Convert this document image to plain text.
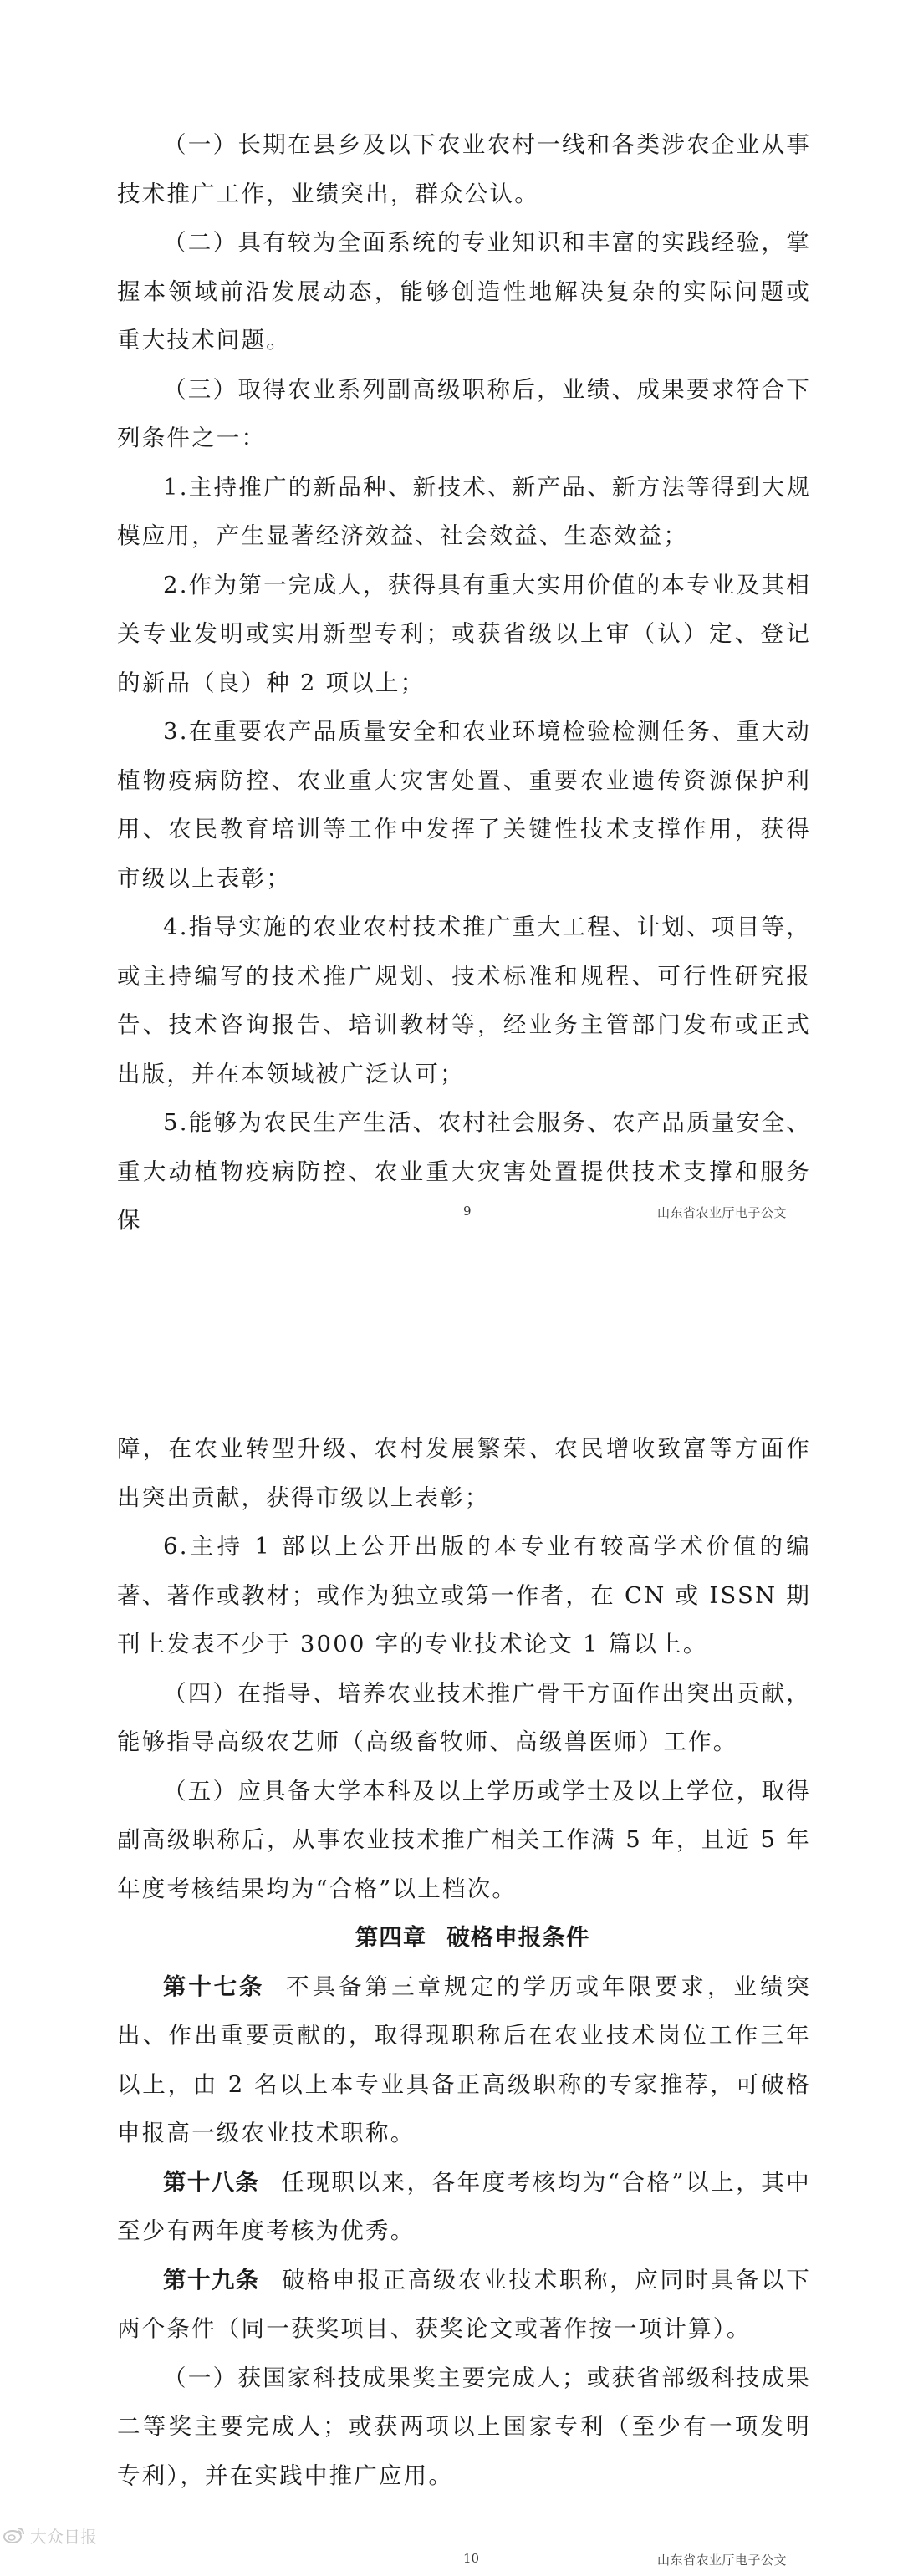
（一）长期在县乡及以下农业农村一线和各类涉农企业从事技术推广工作，业绩突出，群众公认。

（二）具有较为全面系统的专业知识和丰富的实践经验，掌握本领域前沿发展动态，能够创造性地解决复杂的实际问题或重大技术问题。

（三）取得农业系列副高级职称后，业绩、成果要求符合下列条件之一：

1.主持推广的新品种、新技术、新产品、新方法等得到大规模应用，产生显著经济效益、社会效益、生态效益；

2.作为第一完成人，获得具有重大实用价值的本专业及其相关专业发明或实用新型专利；或获省级以上审（认）定、登记的新品（良）种 2 项以上；

3.在重要农产品质量安全和农业环境检验检测任务、重大动植物疫病防控、农业重大灾害处置、重要农业遗传资源保护利用、农民教育培训等工作中发挥了关键性技术支撑作用，获得市级以上表彰；

4.指导实施的农业农村技术推广重大工程、计划、项目等，或主持编写的技术推广规划、技术标准和规程、可行性研究报告、技术咨询报告、培训教材等，经业务主管部门发布或正式出版，并在本领域被广泛认可；

5.能够为农民生产生活、农村社会服务、农产品质量安全、重大动植物疫病防控、农业重大灾害处置提供技术支撑和服务保	9	山东省农业厅电子公文

障，在农业转型升级、农村发展繁荣、农民增收致富等方面作出突出贡献，获得市级以上表彰；

6.主持 1 部以上公开出版的本专业有较高学术价值的编著、著作或教材；或作为独立或第一作者，在 CN 或 ISSN 期刊上发表不少于 3000 字的专业技术论文 1 篇以上。

（四）在指导、培养农业技术推广骨干方面作出突出贡献，能够指导高级农艺师（高级畜牧师、高级兽医师）工作。

（五）应具备大学本科及以上学历或学士及以上学位，取得副高级职称后，从事农业技术推广相关工作满 5 年，且近 5 年年度考核结果均为“合格”以上档次。

第四章 破格申报条件

第十七条 不具备第三章规定的学历或年限要求，业绩突出、作出重要贡献的，取得现职称后在农业技术岗位工作三年以上，由 2 名以上本专业具备正高级职称的专家推荐，可破格申报高一级农业技术职称。

第十八条 任现职以来，各年度考核均为“合格”以上，其中至少有两年度考核为优秀。

第十九条 破格申报正高级农业技术职称，应同时具备以下两个条件（同一获奖项目、获奖论文或著作按一项计算）。

（一）获国家科技成果奖主要完成人；或获省部级科技成果二等奖主要完成人；或获两项以上国家专利（至少有一项发明专利），并在实践中推广应用。

10	山东省农业厅电子公文
大众日报
